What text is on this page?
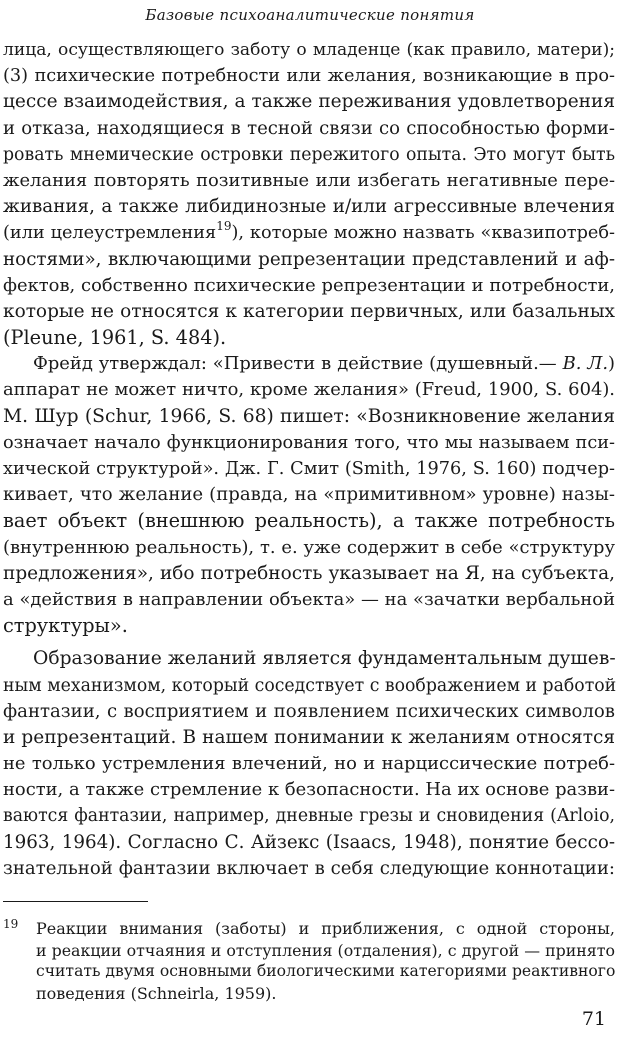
Базовые психоаналитические понятия
лица, осуществляющего заботу о младенце (как правило, матери);
(3) психические потребности или желания, возникающие в про-
цессе взаимодействия, а также переживания удовлетворения
и отказа, находящиеся в тесной связи со способностью форми-
ровать мнемические островки пережитого опыта. Это могут быть
желания повторять позитивные или избегать негативные пере-
живания, а также либидинозные и/или агрессивные влечения
(или целеустремления$^{19}$), которые можно назвать «квазипотреб-
ностями», включающими репрезентации представлений и аф-
фектов, собственно психические репрезентации и потребности,
которые не относятся к категории первичных, или базальных
(Pleune, 1961, S. 484).
Фрейд утверждал: «Привести в действие (душевный.— В. Л.)
аппарат не может ничто, кроме желания» (Freud, 1900, S. 604).
М. Шур (Schur, 1966, S. 68) пишет: «Возникновение желания
означает начало функционирования того, что мы называем пси-
хической структурой». Дж. Г. Смит (Smith, 1976, S. 160) подчер-
кивает, что желание (правда, на «примитивном» уровне) назы-
вает объект (внешнюю реальность), а также потребность
(внутреннюю реальность), т. е. уже содержит в себе «структуру
предложения», ибо потребность указывает на Я, на субъекта,
а «действия в направлении объекта» — на «зачатки вербальной
структуры».
Образование желаний является фундаментальным душев-
ным механизмом, который соседствует с воображением и работой
фантазии, с восприятием и появлением психических символов
и репрезентаций. В нашем понимании к желаниям относятся
не только устремления влечений, но и нарциссические потреб-
ности, а также стремление к безопасности. На их основе разви-
ваются фантазии, например, дневные грезы и сновидения (Arloio,
1963, 1964). Согласно С. Айзекс (Isaacs, 1948), понятие бессо-
знательной фантазии включает в себя следующие коннотации:
19 Реакции внимания (заботы) и приближения, с одной стороны,
и реакции отчаяния и отступления (отдаления), с другой — принято
считать двумя основными биологическими категориями реактивного
поведения (Schneirla, 1959).
71
